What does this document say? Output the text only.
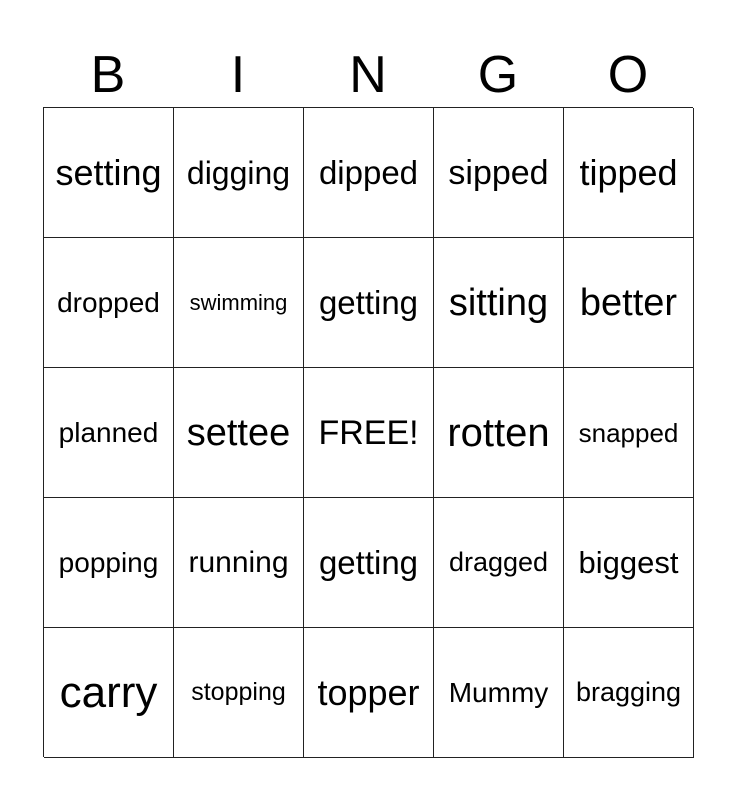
B	I	N	G	O
setting digging dipped sipped tipped
dropped swimming getting sitting better
planned settee FREE! rotten snapped
popping running getting dragged biggest
carry stopping topper Mummy bragging
